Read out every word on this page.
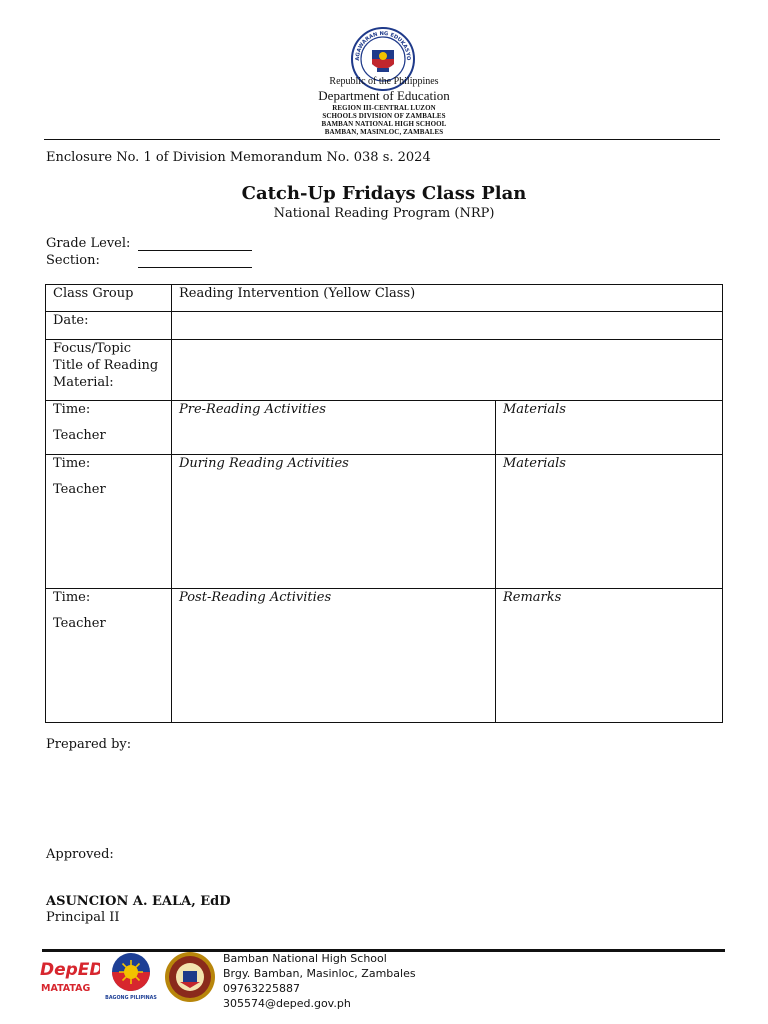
AGAWARAN NG EDUKASYO
Republic of the Philippines
Department of Education
REGION III-CENTRAL LUZON
SCHOOLS DIVISION OF ZAMBALES
BAMBAN NATIONAL HIGH SCHOOL
BAMBAN, MASINLOC, ZAMBALES
Enclosure No. 1 of Division Memorandum No. 038 s. 2024
Catch-Up Fridays Class Plan
National Reading Program (NRP)
Grade Level:
Section:
Class Group	Reading Intervention (Yellow Class)	
Date:		

Focus/Topic
Title of Reading
Material:		

Time:
Teacher	Pre-Reading Activities	Materials

Time:
Teacher	During Reading Activities	Materials

Time:
Teacher	Post-Reading Activities	Remarks
Prepared by:
Approved:
ASUNCION A. EALA, EdD
Principal II
DepED
MATATAG
BAGONG PILIPINAS
Bamban National High School
Brgy. Bamban, Masinloc, Zambales
09763225887
305574@deped.gov.ph
